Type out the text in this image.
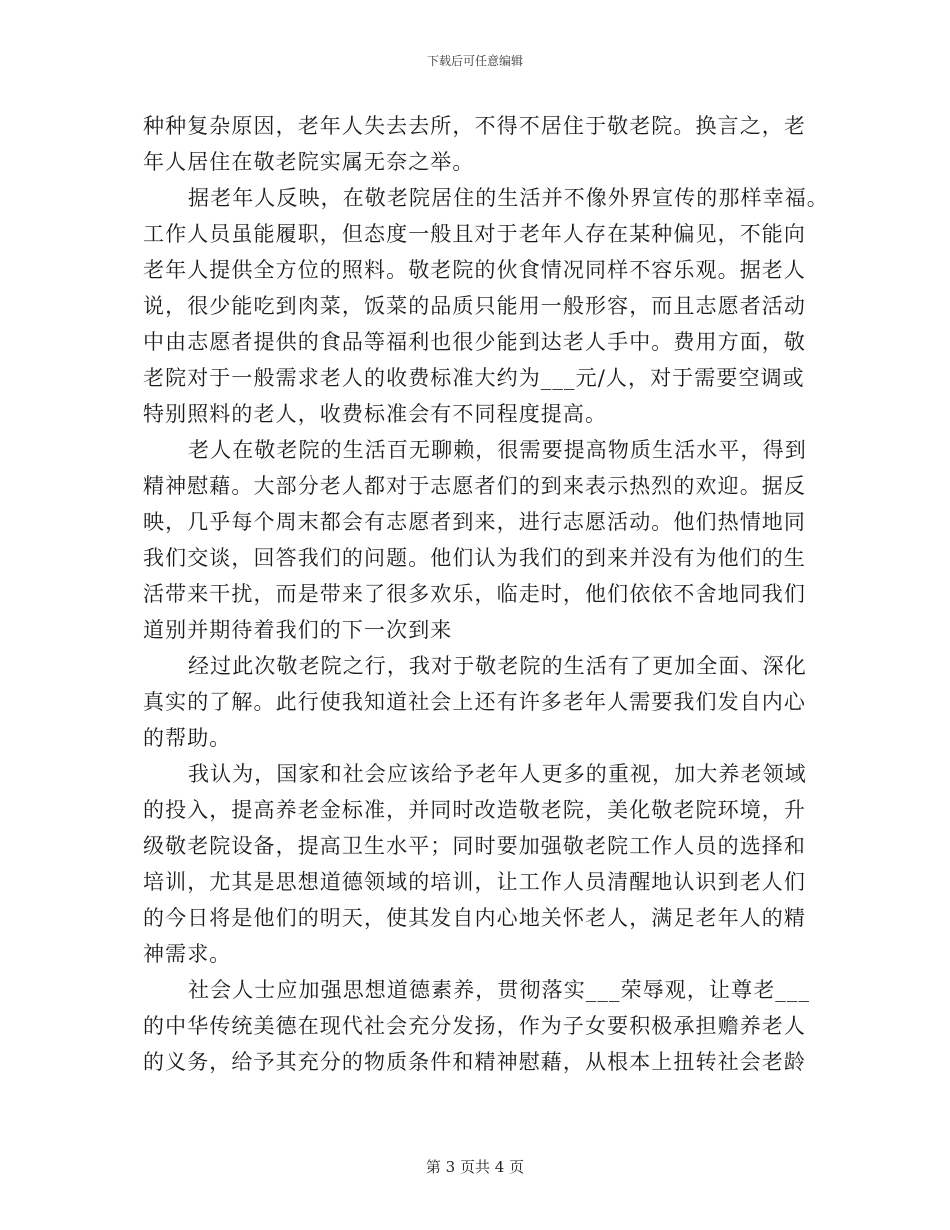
下载后可任意编辑
种种复杂原因，老年人失去去所，不得不居住于敬老院。换言之，老
年人居住在敬老院实属无奈之举。
据老年人反映，在敬老院居住的生活并不像外界宣传的那样幸福。
工作人员虽能履职，但态度一般且对于老年人存在某种偏见，不能向
老年人提供全方位的照料。敬老院的伙食情况同样不容乐观。据老人
说，很少能吃到肉菜，饭菜的品质只能用一般形容，而且志愿者活动
中由志愿者提供的食品等福利也很少能到达老人手中。费用方面，敬
老院对于一般需求老人的收费标准大约为___元/人，对于需要空调或
特别照料的老人，收费标准会有不同程度提高。
老人在敬老院的生活百无聊赖，很需要提高物质生活水平，得到
精神慰藉。大部分老人都对于志愿者们的到来表示热烈的欢迎。据反
映，几乎每个周末都会有志愿者到来，进行志愿活动。他们热情地同
我们交谈，回答我们的问题。他们认为我们的到来并没有为他们的生
活带来干扰，而是带来了很多欢乐，临走时，他们依依不舍地同我们
道别并期待着我们的下一次到来
经过此次敬老院之行，我对于敬老院的生活有了更加全面、深化
真实的了解。此行使我知道社会上还有许多老年人需要我们发自内心
的帮助。
我认为，国家和社会应该给予老年人更多的重视，加大养老领域
的投入，提高养老金标准，并同时改造敬老院，美化敬老院环境，升
级敬老院设备，提高卫生水平；同时要加强敬老院工作人员的选择和
培训，尤其是思想道德领域的培训，让工作人员清醒地认识到老人们
的今日将是他们的明天，使其发自内心地关怀老人，满足老年人的精
神需求。
社会人士应加强思想道德素养，贯彻落实___荣辱观，让尊老___
的中华传统美德在现代社会充分发扬，作为子女要积极承担赡养老人
的义务，给予其充分的物质条件和精神慰藉，从根本上扭转社会老龄
第 3 页共 4 页
